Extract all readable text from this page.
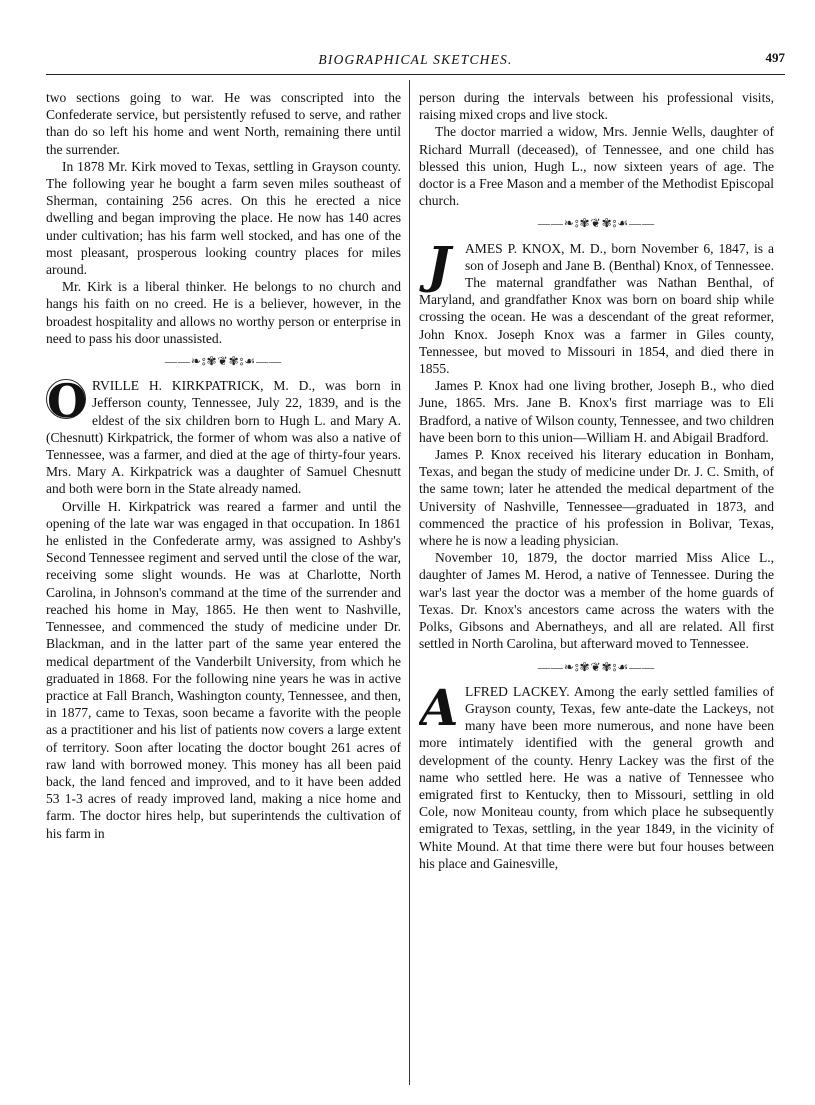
BIOGRAPHICAL SKETCHES.	497

two sections going to war. He was conscripted into the Confederate service, but persistently refused to serve, and rather than do so left his home and went North, remaining there until the surrender.

In 1878 Mr. Kirk moved to Texas, settling in Grayson county. The following year he bought a farm seven miles southeast of Sherman, containing 256 acres. On this he erected a nice dwelling and began improving the place. He now has 140 acres under cultivation; has his farm well stocked, and has one of the most pleasant, prosperous looking country places for miles around.

Mr. Kirk is a liberal thinker. He belongs to no church and hangs his faith on no creed. He is a believer, however, in the broadest hospitality and allows no worthy person or enterprise in need to pass his door unassisted.

——❧⦂✾❦✾⦂☙——
O RVILLE H. KIRKPATRICK, M. D., was born in Jefferson county, Tennessee, July 22, 1839, and is the eldest of the six children born to Hugh L. and Mary A. (Chesnutt) Kirkpatrick, the former of whom was also a native of Tennessee, was a farmer, and died at the age of thirty-four years. Mrs. Mary A. Kirkpatrick was a daughter of Samuel Chesnutt and both were born in the State already named.

Orville H. Kirkpatrick was reared a farmer and until the opening of the late war was engaged in that occupation. In 1861 he enlisted in the Confederate army, was assigned to Ashby's Second Tennessee regiment and served until the close of the war, receiving some slight wounds. He was at Charlotte, North Carolina, in Johnson's command at the time of the surrender and reached his home in May, 1865. He then went to Nashville, Tennessee, and commenced the study of medicine under Dr. Blackman, and in the latter part of the same year entered the medical department of the Vanderbilt University, from which he graduated in 1868. For the following nine years he was in active practice at Fall Branch, Washington county, Tennessee, and then, in 1877, came to Texas, soon became a favorite with the people as a practitioner and his list of patients now covers a large extent of territory. Soon after locating the doctor bought 261 acres of raw land with borrowed money. This money has all been paid back, the land fenced and improved, and to it have been added 53 1-3 acres of ready improved land, making a nice home and farm. The doctor hires help, but superintends the cultivation of his farm in

person during the intervals between his professional visits, raising mixed crops and live stock.

The doctor married a widow, Mrs. Jennie Wells, daughter of Richard Murrall (deceased), of Tennessee, and one child has blessed this union, Hugh L., now sixteen years of age. The doctor is a Free Mason and a member of the Methodist Episcopal church.

——❧⦂✾❦✾⦂☙——
J	AMES P. KNOX, M. D., born November 6, 1847, is a son of Joseph and Jane B. (Benthal) Knox, of Tennessee. The maternal grandfather was Nathan Benthal, of Maryland, and grandfather Knox was born on board ship while crossing the ocean. He was a descendant of the great reformer, John Knox. Joseph Knox was a farmer in Giles county, Tennessee, but moved to Missouri in 1854, and died there in 1855.

James P. Knox had one living brother, Joseph B., who died June, 1865. Mrs. Jane B. Knox's first marriage was to Eli Bradford, a native of Wilson county, Tennessee, and two children have been born to this union—William H. and Abigail Bradford.

James P. Knox received his literary education in Bonham, Texas, and began the study of medicine under Dr. J. C. Smith, of the same town; later he attended the medical department of the University of Nashville, Tennessee—graduated in 1873, and commenced the practice of his profession in Bolivar, Texas, where he is now a leading physician.

November 10, 1879, the doctor married Miss Alice L., daughter of James M. Herod, a native of Tennessee. During the war's last year the doctor was a member of the home guards of Texas. Dr. Knox's ancestors came across the waters with the Polks, Gibsons and Abernatheys, and all are related. All first settled in North Carolina, but afterward moved to Tennessee.

——❧⦂✾❦✾⦂☙——
A LFRED LACKEY. Among the early settled families of Grayson county, Texas, few ante-date the Lackeys, not many have been more numerous, and none have been more intimately identified with the general growth and development of the county. Henry Lackey was the first of the name who settled here. He was a native of Tennessee who emigrated first to Kentucky, then to Missouri, settling in old Cole, now Moniteau county, from which place he subsequently emigrated to Texas, settling, in the year 1849, in the vicinity of White Mound. At that time there were but four houses between his place and Gainesville,
